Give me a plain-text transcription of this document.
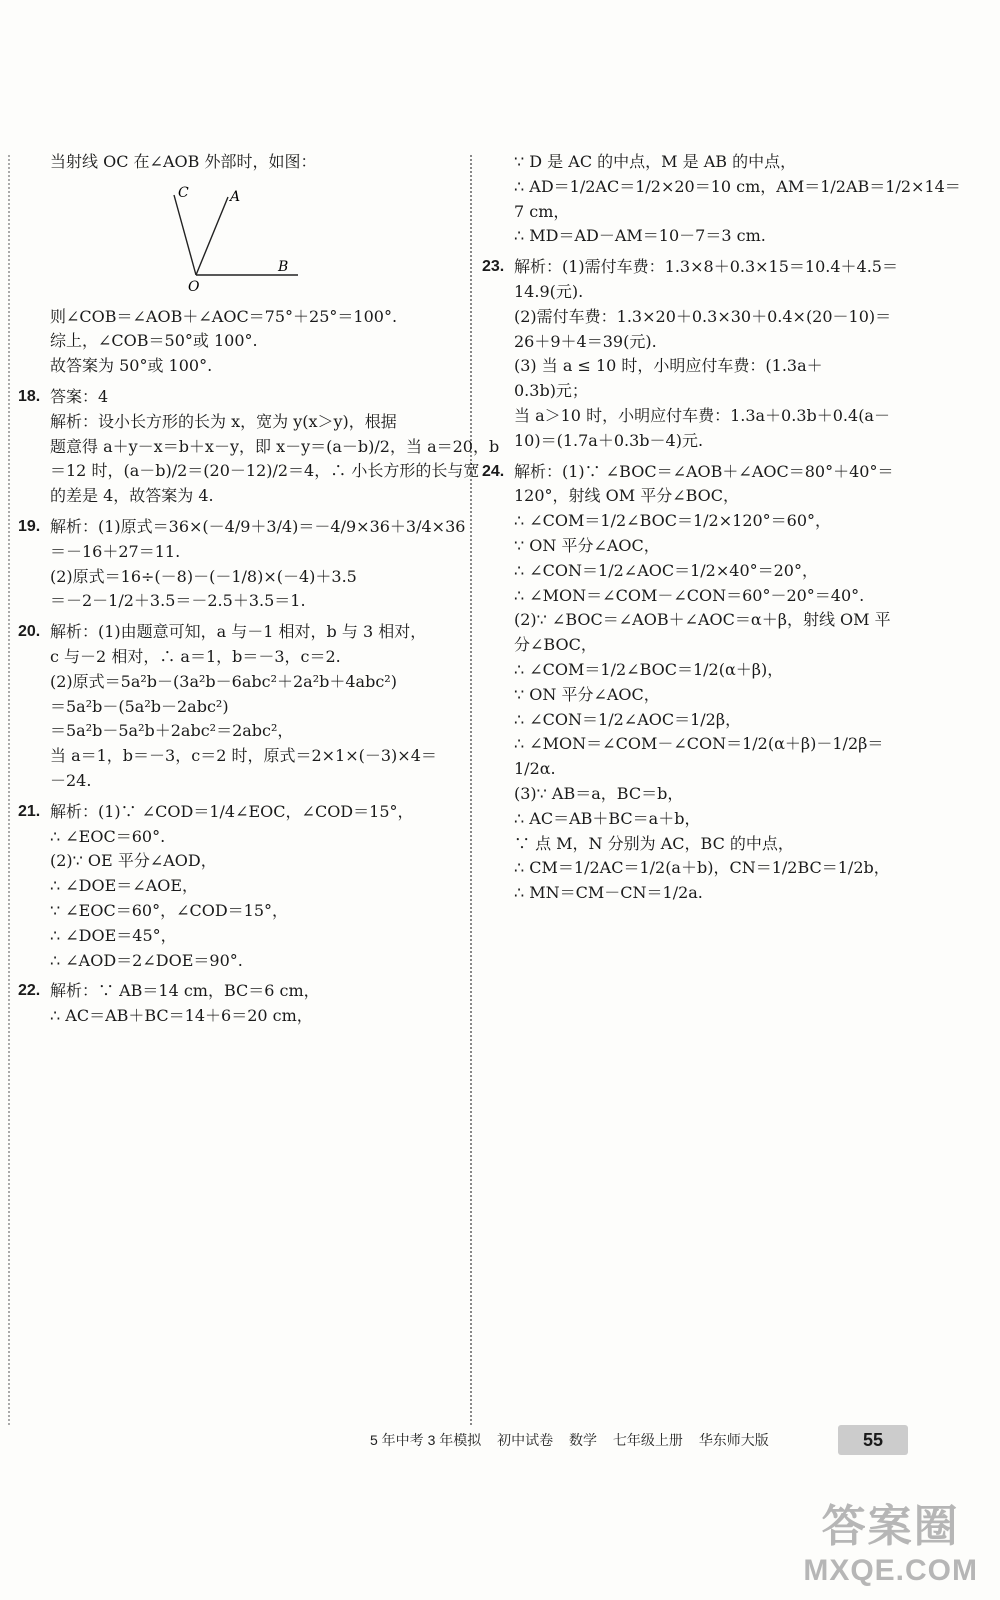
当射线 OC 在∠AOB 外部时，如图：

C	A
O
B

则∠COB＝∠AOB＋∠AOC＝75°＋25°＝100°.

综上，∠COB＝50°或 100°.

故答案为 50°或 100°.

18. 答案：4

解析：设小长方形的长为 x，宽为 y(x＞y)，根据

题意得 a＋y－x＝b＋x－y，即 x－y＝(a－b)/2，当 a＝20，b

＝12 时，(a－b)/2＝(20－12)/2＝4，∴ 小长方形的长与宽

的差是 4，故答案为 4.

19. 解析：(1)原式＝36×(－4/9＋3/4)＝－4/9×36＋3/4×36

＝－16＋27＝11.

(2)原式＝16÷(－8)－(－1/8)×(－4)＋3.5

＝－2－1/2＋3.5＝－2.5＋3.5＝1.

20. 解析：(1)由题意可知，a 与－1 相对，b 与 3 相对，

c 与－2 相对，∴ a＝1，b＝－3，c＝2.

(2)原式＝5a²b－(3a²b－6abc²＋2a²b＋4abc²)

＝5a²b－(5a²b－2abc²)

＝5a²b－5a²b＋2abc²＝2abc²，

当 a＝1，b＝－3，c＝2 时，原式＝2×1×(－3)×4＝

－24.

21. 解析：(1)∵ ∠COD＝1/4∠EOC，∠COD＝15°，

∴ ∠EOC＝60°.

(2)∵ OE 平分∠AOD，

∴ ∠DOE＝∠AOE，

∵ ∠EOC＝60°，∠COD＝15°，

∴ ∠DOE＝45°，

∴ ∠AOD＝2∠DOE＝90°.

22. 解析：∵ AB＝14 cm，BC＝6 cm，

∴ AC＝AB＋BC＝14＋6＝20 cm，

∵ D 是 AC 的中点，M 是 AB 的中点，

∴ AD＝1/2AC＝1/2×20＝10 cm，AM＝1/2AB＝1/2×14＝

7 cm，

∴ MD＝AD－AM＝10－7＝3 cm.

23. 解析：(1)需付车费：1.3×8＋0.3×15＝10.4＋4.5＝

14.9(元).

(2)需付车费：1.3×20＋0.3×30＋0.4×(20－10)＝

26＋9＋4＝39(元).

(3) 当 a ≤ 10 时，小明应付车费：(1.3a＋

0.3b)元；

当 a＞10 时，小明应付车费：1.3a＋0.3b＋0.4(a－

10)＝(1.7a＋0.3b－4)元.

24. 解析：(1)∵ ∠BOC＝∠AOB＋∠AOC＝80°＋40°＝

120°，射线 OM 平分∠BOC，

∴ ∠COM＝1/2∠BOC＝1/2×120°＝60°，

∵ ON 平分∠AOC，

∴ ∠CON＝1/2∠AOC＝1/2×40°＝20°，

∴ ∠MON＝∠COM－∠CON＝60°－20°＝40°.

(2)∵ ∠BOC＝∠AOB＋∠AOC＝α＋β，射线 OM 平

分∠BOC，

∴ ∠COM＝1/2∠BOC＝1/2(α＋β)，

∵ ON 平分∠AOC，

∴ ∠CON＝1/2∠AOC＝1/2β，

∴ ∠MON＝∠COM－∠CON＝1/2(α＋β)－1/2β＝

1/2α.

(3)∵ AB＝a，BC＝b，

∴ AC＝AB＋BC＝a＋b，

∵ 点 M，N 分别为 AC，BC 的中点，

∴ CM＝1/2AC＝1/2(a＋b)，CN＝1/2BC＝1/2b，

∴ MN＝CM－CN＝1/2a.

5 年中考 3 年模拟 初中试卷 数学 七年级上册 华东师大版	55
答案圈
MXQE.COM
